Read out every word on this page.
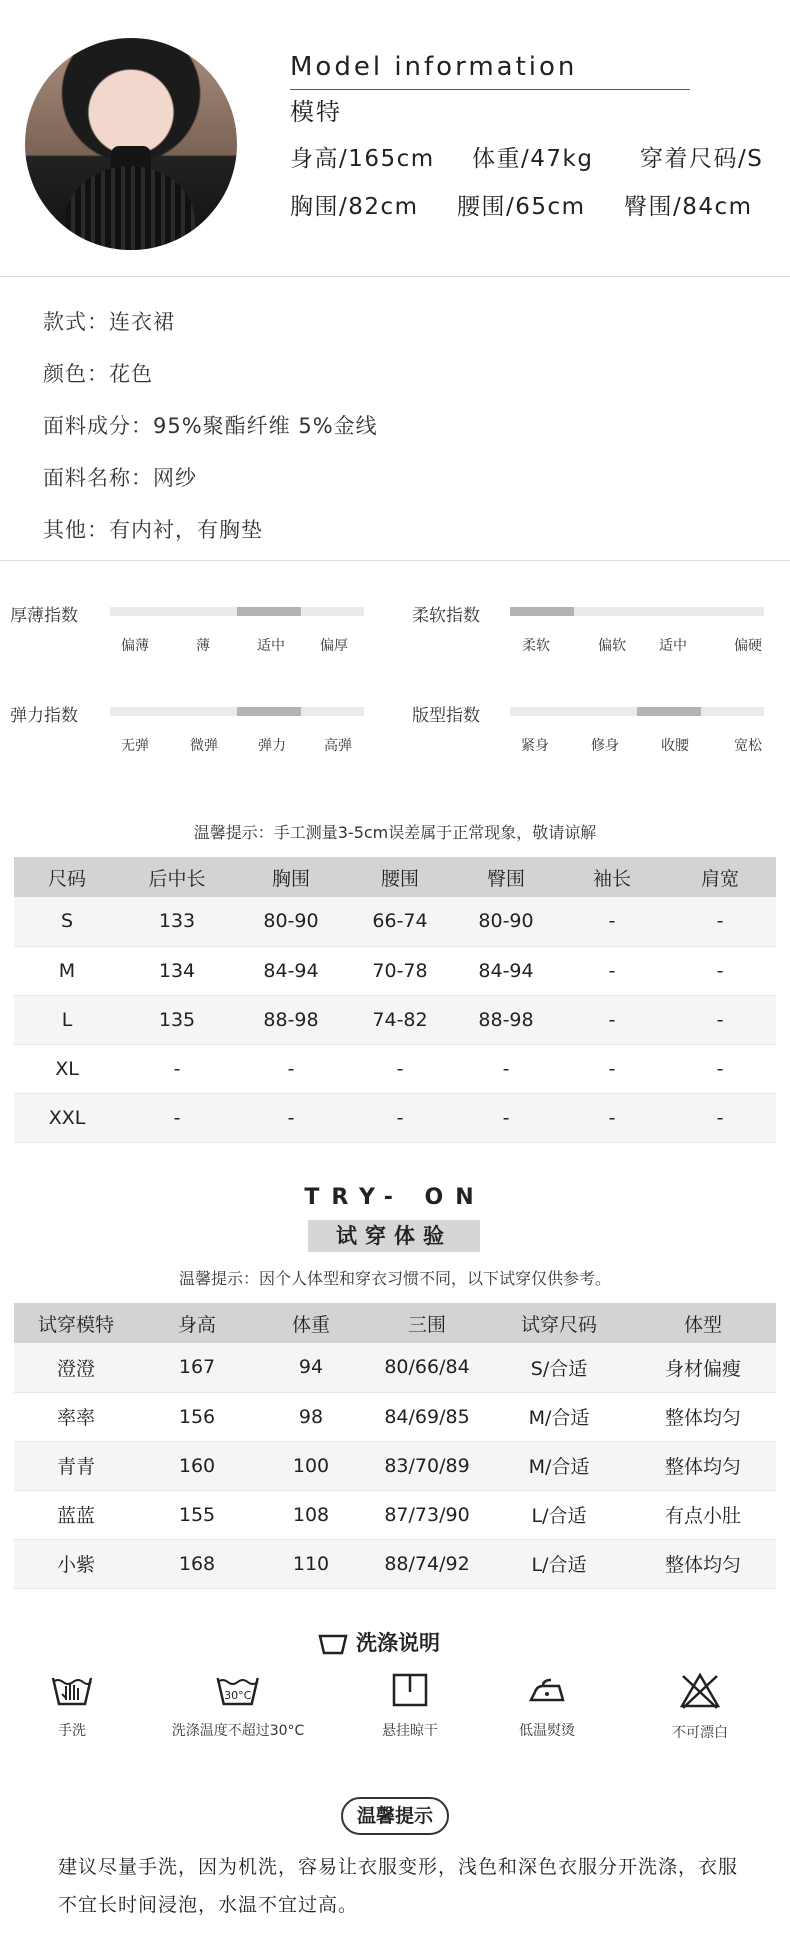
Model information
模特
身高/165cm 体重/47kg 穿着尺码/S
胸围/82cm 腰围/65cm 臀围/84cm
款式：连衣裙
颜色：花色
面料成分：95%聚酯纤维 5%金线
面料名称：网纱
其他：有内衬，有胸垫
厚薄指数	柔软指数
弹力指数	版型指数
偏薄	薄	适中	偏厚	柔软	偏软 适中	偏硬
无弹	微弹	弹力	高弹	紧身	修身	收腰	宽松
温馨提示：手工测量3-5cm误差属于正常现象，敬请谅解
尺码	后中长	胸围	腰围	臀围	袖长	肩宽
S	133	80-90	66-74	80-90	-	-
M	134	84-94	70-78	84-94	-	-
L	135	88-98	74-82	88-98	-	-
XL	-	-	-	-	-	-
XXL	-	-	-	-	-	-
TRY- ON
试穿体验
温馨提示：因个人体型和穿衣习惯不同，以下试穿仅供参考。
试穿模特	身高	体重	三围	试穿尺码	体型
澄澄	167	94	80/66/84	S/合适	身材偏瘦
率率	156	98	84/69/85	M/合适	整体均匀
青青	160	100	83/70/89	M/合适	整体均匀
蓝蓝	155	108	87/73/90	L/合适	有点小肚
小紫	168	110	88/74/92	L/合适	整体均匀
洗涤说明
手洗
30°C
洗涤温度不超过30°C	悬挂晾干	低温熨烫	不可漂白
温馨提示
建议尽量手洗，因为机洗，容易让衣服变形，浅色和深色衣服分开洗涤，衣服不宜长时间浸泡，水温不宜过高。
